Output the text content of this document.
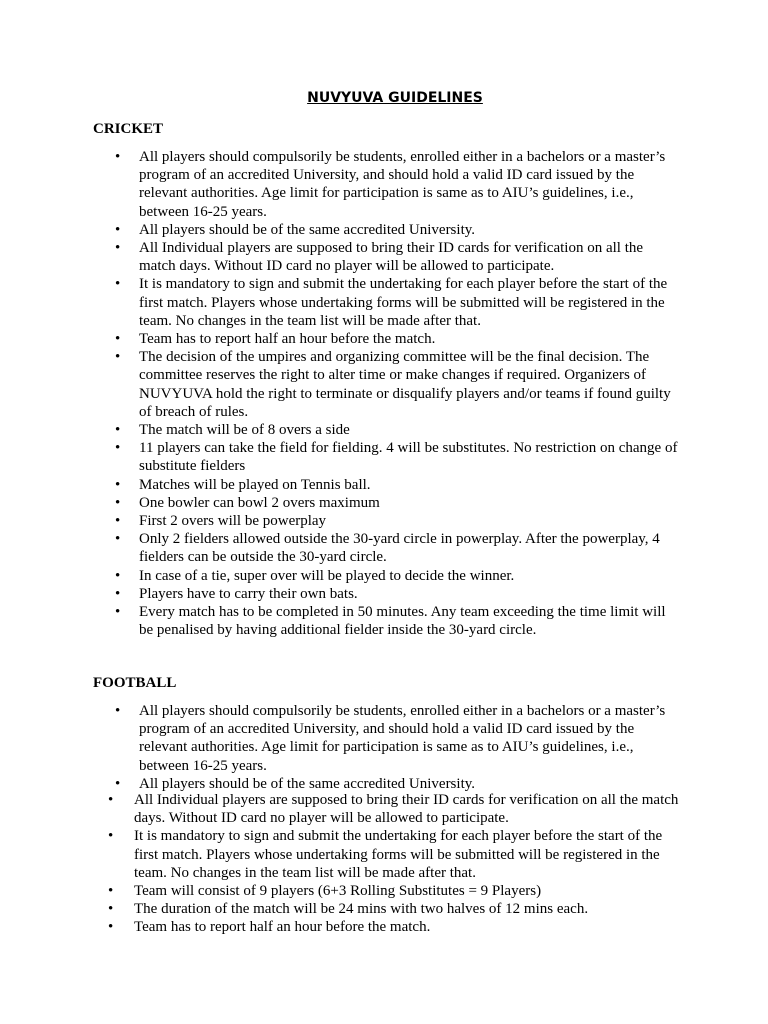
NUVYUVA GUIDELINES
CRICKET
• All players should compulsorily be students, enrolled either in a bachelors or a master’s program of an accredited University, and should hold a valid ID card issued by the relevant authorities. Age limit for participation is same as to AIU’s guidelines, i.e., between 16-25 years.
• All players should be of the same accredited University.
• All Individual players are supposed to bring their ID cards for verification on all the match days. Without ID card no player will be allowed to participate.
• It is mandatory to sign and submit the undertaking for each player before the start of the first match. Players whose undertaking forms will be submitted will be registered in the team. No changes in the team list will be made after that.
• Team has to report half an hour before the match.
• The decision of the umpires and organizing committee will be the final decision. The committee reserves the right to alter time or make changes if required. Organizers of NUVYUVA hold the right to terminate or disqualify players and/or teams if found guilty of breach of rules.
• The match will be of 8 overs a side
• 11 players can take the field for fielding. 4 will be substitutes. No restriction on change of substitute fielders
• Matches will be played on Tennis ball.
• One bowler can bowl 2 overs maximum
• First 2 overs will be powerplay
• Only 2 fielders allowed outside the 30-yard circle in powerplay. After the powerplay, 4 fielders can be outside the 30-yard circle.
• In case of a tie, super over will be played to decide the winner.
• Players have to carry their own bats.
• Every match has to be completed in 50 minutes. Any team exceeding the time limit will be penalised by having additional fielder inside the 30-yard circle.
FOOTBALL
• All players should compulsorily be students, enrolled either in a bachelors or a master’s program of an accredited University, and should hold a valid ID card issued by the relevant authorities. Age limit for participation is same as to AIU’s guidelines, i.e., between 16-25 years.
• All players should be of the same accredited University.
• All Individual players are supposed to bring their ID cards for verification on all the match days. Without ID card no player will be allowed to participate.
• It is mandatory to sign and submit the undertaking for each player before the start of the first match. Players whose undertaking forms will be submitted will be registered in the team. No changes in the team list will be made after that.
• Team will consist of 9 players (6+3 Rolling Substitutes = 9 Players)
• The duration of the match will be 24 mins with two halves of 12 mins each.
• Team has to report half an hour before the match.
